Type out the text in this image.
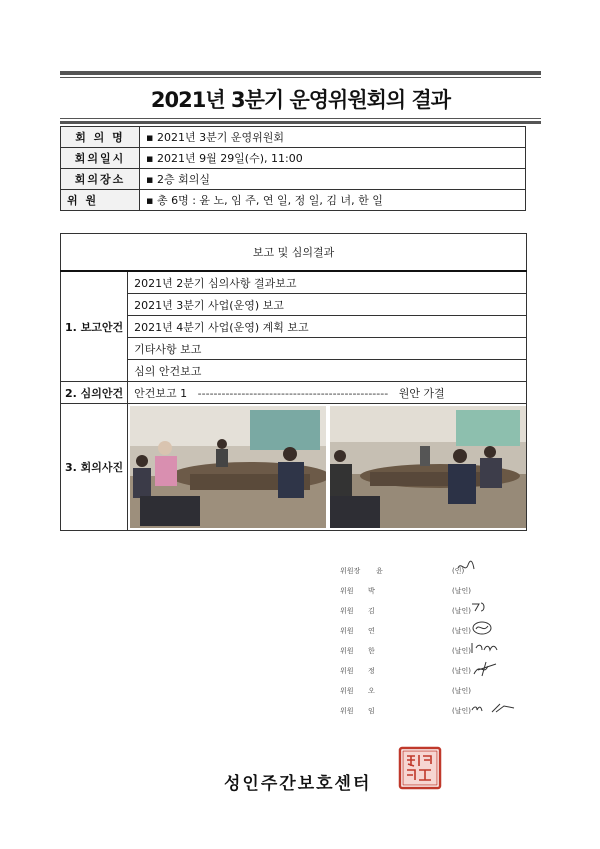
2021년 3분기 운영위원회의 결과
회 의 명	▪ 2021년 3분기 운영위원회
회의일시	▪ 2021년 9월 29일(수), 11:00
회의장소	▪ 2층 회의실
위 원	▪ 총 6명 : 윤 노, 임 주, 연 일, 정 일, 김 녀, 한 일
보고 및 심의결과	
1. 보고안건	2021년 2분기 심의사항 결과보고
	2021년 3분기 사업(운영) 보고
	2021년 4분기 사업(운영) 계획 보고
	기타사항 보고
	심의 안건보고
2. 심의안건	안건보고 1   ------------------------------------------------   원안 가결
3. 회의사진	
위원장 윤	(인)
위원 박	(날인)
위원 김	(날인)
위원 연	(날인)
위원 한	(날인)
위원 정	(날인)
위원 오	(날인)
위원 임	(날인)
성인주간보호센터
